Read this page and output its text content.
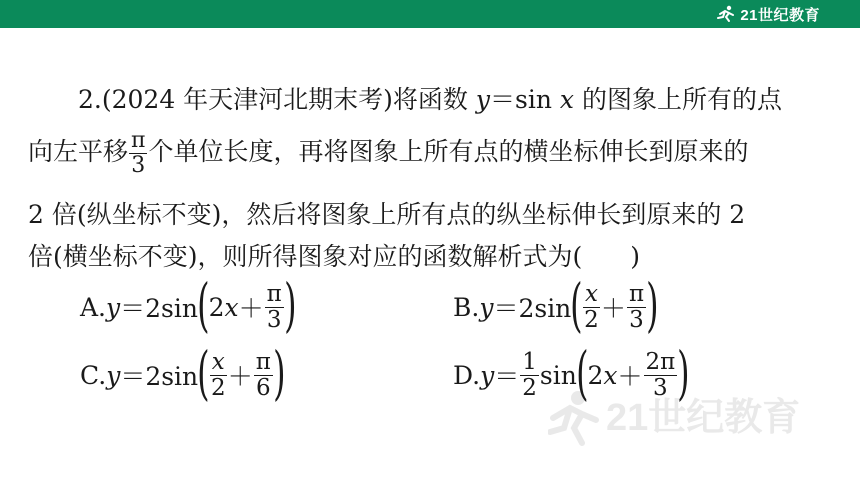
21世纪教育
21世纪教育
2.(2024 年天津河北期末考)将函数 y＝sin x 的图象上所有的点
向左平移 $\frac{\pi}{3}$ 个单位长度，再将图象上所有点的横坐标伸长到原来的
2 倍(纵坐标不变)，然后将图象上所有点的纵坐标伸长到原来的 2
倍(横坐标不变)，则所得图象对应的函数解析式为( )
A. y ＝2sin ( 2 $x + \frac{\pi}{3}$ )	B. y ＝2sin ( $\frac{x}{2} + \frac{\pi}{3}$ )
C. y ＝2sin ( $\frac{x}{2} + \frac{\pi}{6}$ )	D. $y = \frac{1}{2}$ sin ( 2 $x + \frac{2\pi}{3}$ )
